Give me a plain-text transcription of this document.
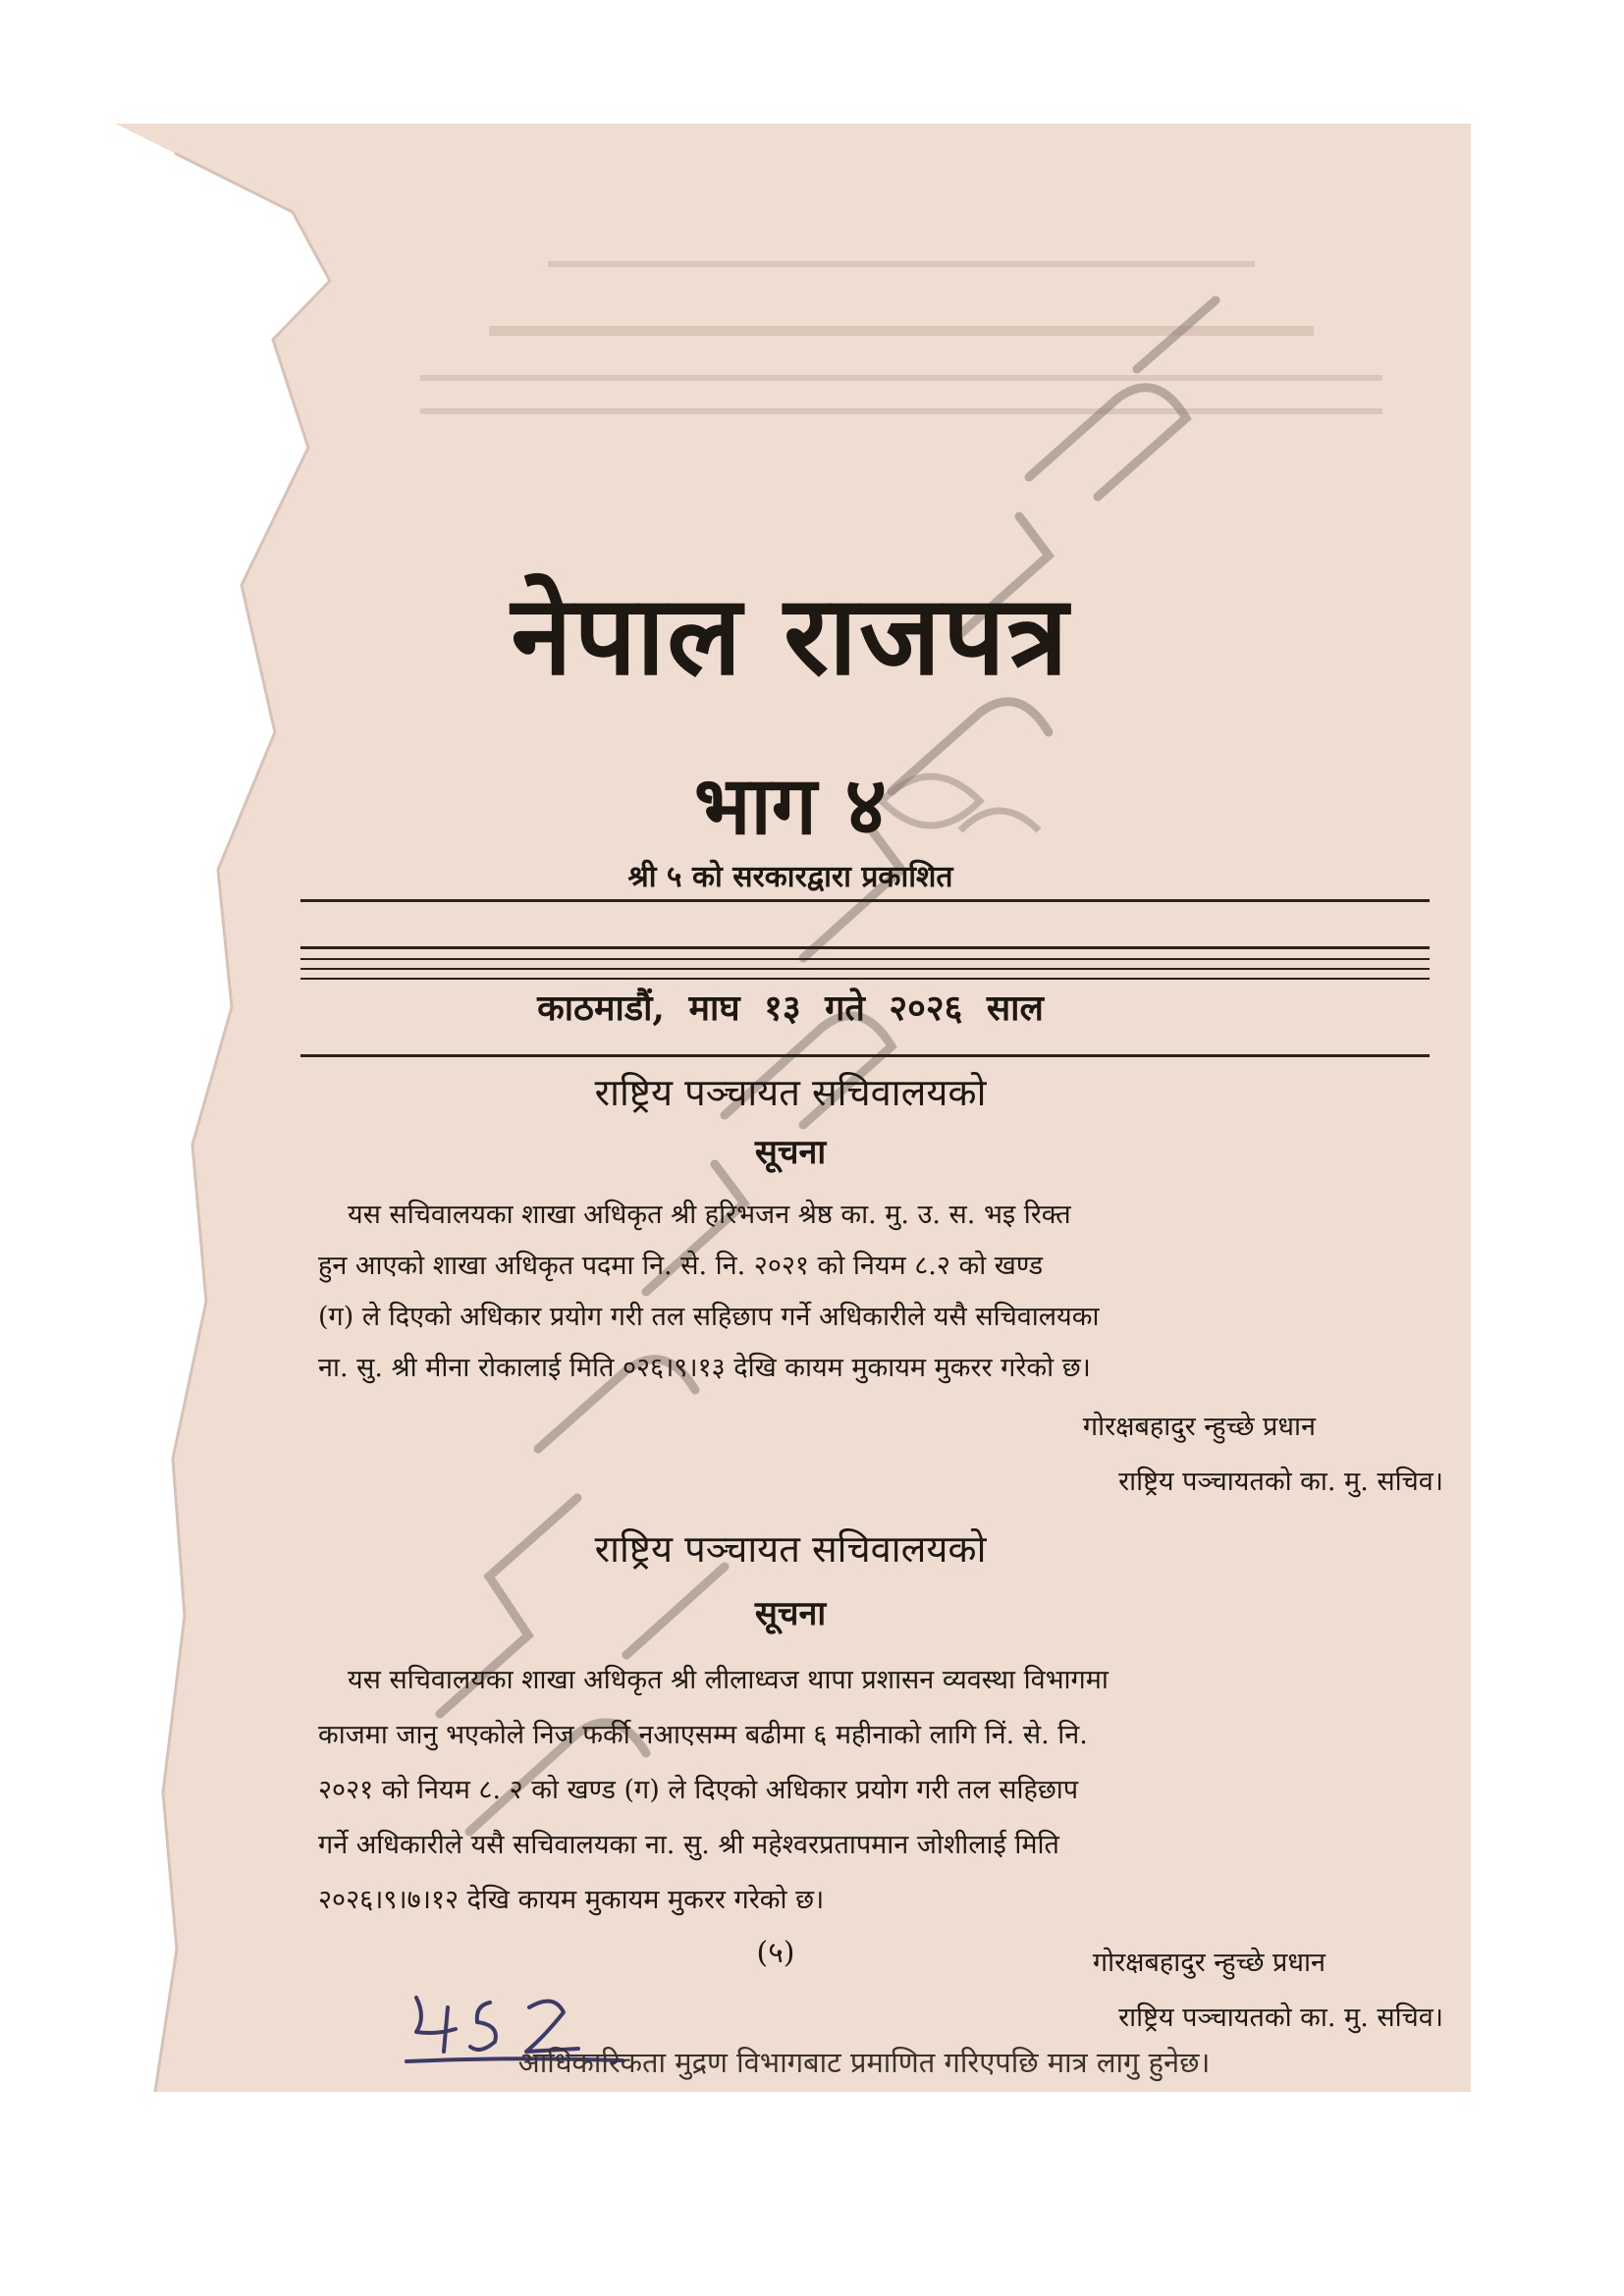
नेपाल राजपत्र
भाग ४
श्री ५ को सरकारद्वारा प्रकाशित
काठमाडौं, माघ १३ गते २०२६ साल
राष्ट्रिय पञ्चायत सचिवालयको
सूचना
यस सचिवालयका शाखा अधिकृत श्री हरिभजन श्रेष्ठ का. मु. उ. स. भइ रिक्त
हुन आएको शाखा अधिकृत पदमा नि. से. नि. २०२१ को नियम ८.२ को खण्ड
(ग) ले दिएको अधिकार प्रयोग गरी तल सहिछाप गर्ने अधिकारीले यसै सचिवालयका
ना. सु. श्री मीना रोकालाई मिति ०२६।९।१३ देखि कायम मुकायम मुकरर गरेको छ।
गोरक्षबहादुर न्हुच्छे प्रधान
राष्ट्रिय पञ्चायतको का. मु. सचिव।
राष्ट्रिय पञ्चायत सचिवालयको
सूचना
यस सचिवालयका शाखा अधिकृत श्री लीलाध्वज थापा प्रशासन व्यवस्था विभागमा
काजमा जानु भएकोले निज फर्की नआएसम्म बढीमा ६ महीनाको लागि निं. से. नि.
२०२१ को नियम ८. २ को खण्ड (ग) ले दिएको अधिकार प्रयोग गरी तल सहिछाप
गर्ने अधिकारीले यसै सचिवालयका ना. सु. श्री महेश्वरप्रतापमान जोशीलाई मिति
२०२६।९।७।१२ देखि कायम मुकायम मुकरर गरेको छ।
गोरक्षबहादुर न्हुच्छे प्रधान
राष्ट्रिय पञ्चायतको का. मु. सचिव।
(५)
आधिकारिकता मुद्रण विभागबाट प्रमाणित गरिएपछि मात्र लागु हुनेछ।
